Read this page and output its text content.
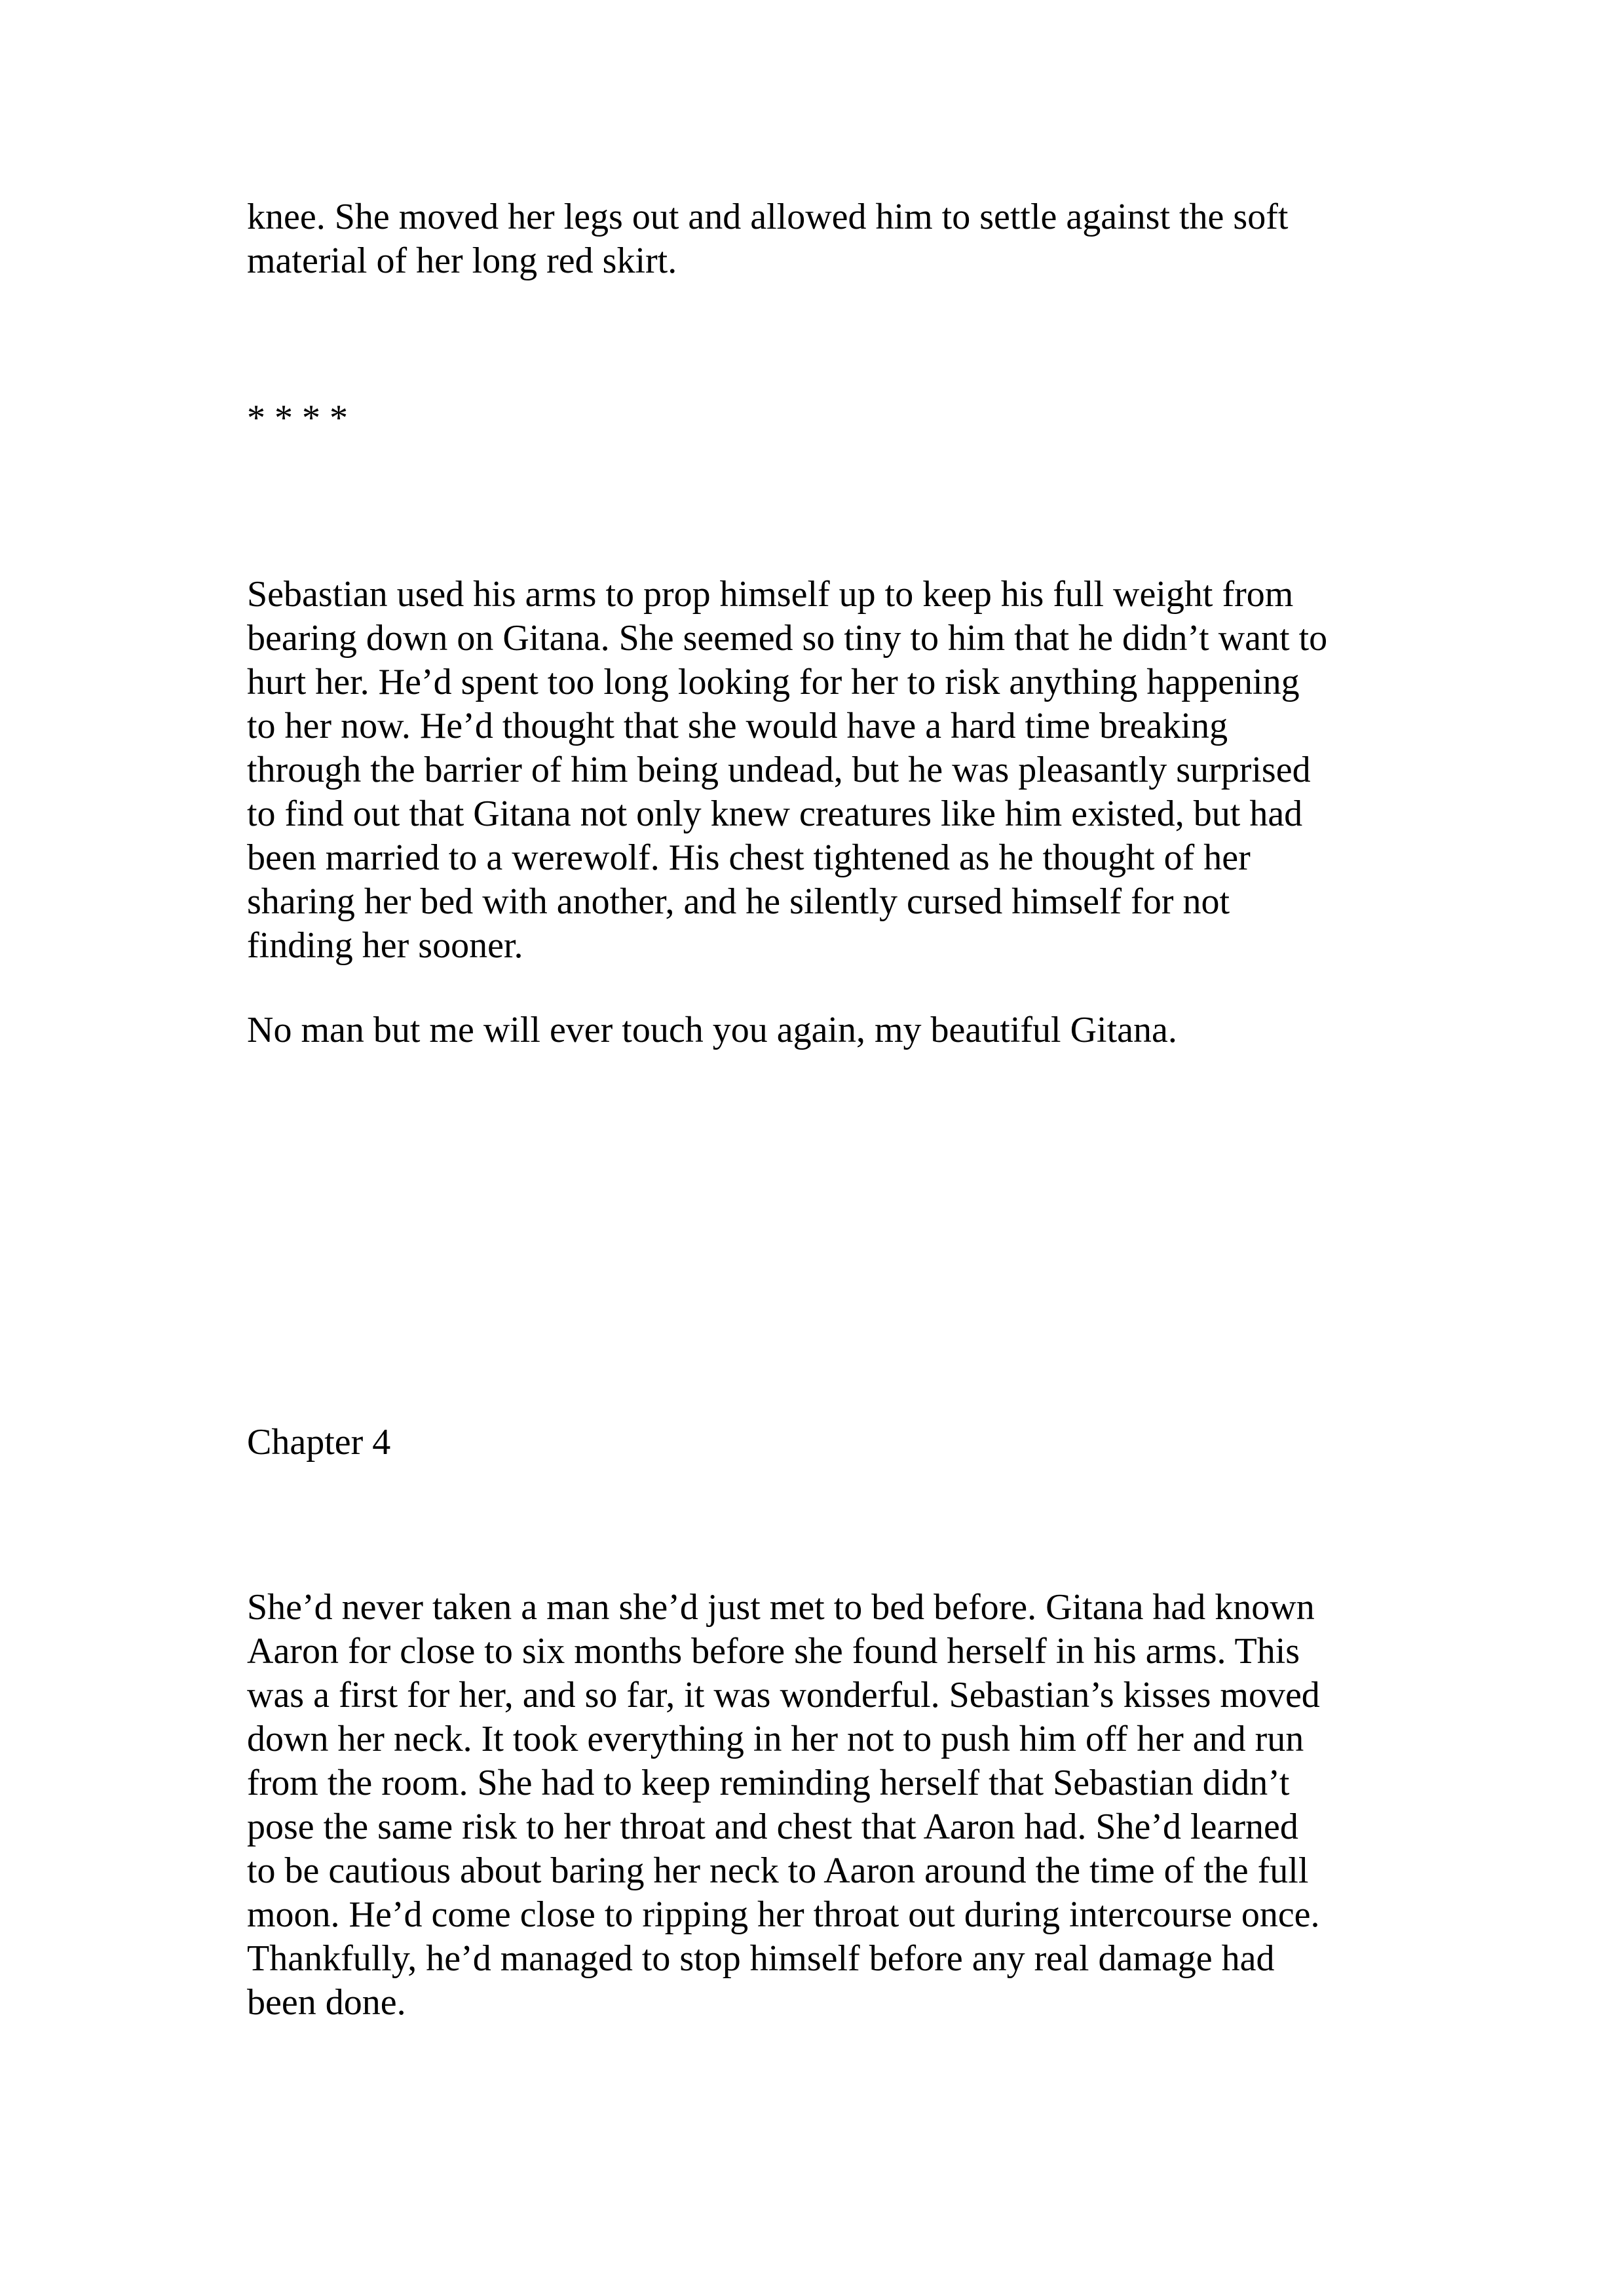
knee. She moved her legs out and allowed him to settle against the soft
material of her long red skirt.

* * * *

Sebastian used his arms to prop himself up to keep his full weight from
bearing down on Gitana. She seemed so tiny to him that he didn’t want to
hurt her. He’d spent too long looking for her to risk anything happening
to her now. He’d thought that she would have a hard time breaking
through the barrier of him being undead, but he was pleasantly surprised
to find out that Gitana not only knew creatures like him existed, but had
been married to a werewolf. His chest tightened as he thought of her
sharing her bed with another, and he silently cursed himself for not
finding her sooner.

No man but me will ever touch you again, my beautiful Gitana.

Chapter 4

She’d never taken a man she’d just met to bed before. Gitana had known
Aaron for close to six months before she found herself in his arms. This
was a first for her, and so far, it was wonderful. Sebastian’s kisses moved
down her neck. It took everything in her not to push him off her and run
from the room. She had to keep reminding herself that Sebastian didn’t
pose the same risk to her throat and chest that Aaron had. She’d learned
to be cautious about baring her neck to Aaron around the time of the full
moon. He’d come close to ripping her throat out during intercourse once.
Thankfully, he’d managed to stop himself before any real damage had
been done.
